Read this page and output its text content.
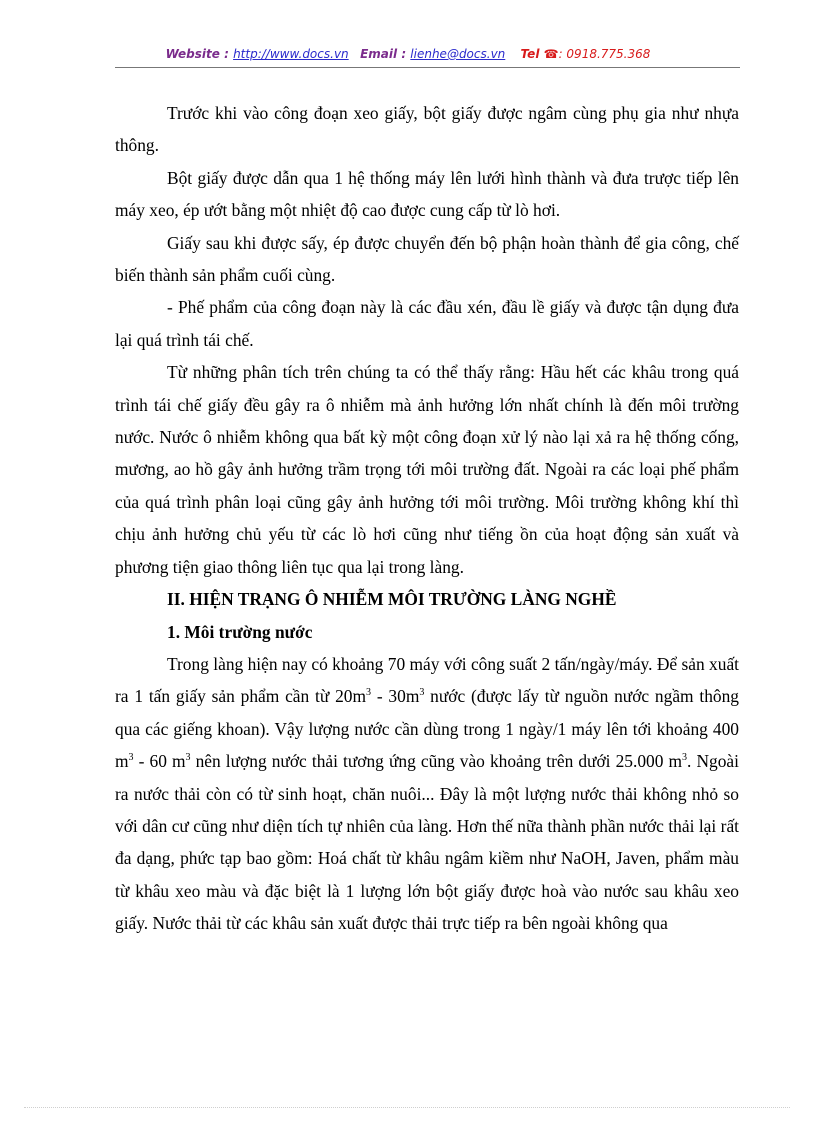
Website : http://www.docs.vn Email : lienhe@docs.vn Tel ☎: 0918.775.368

Trước khi vào công đoạn xeo giấy, bột giấy được ngâm cùng phụ gia như nhựa thông.

Bột giấy được dẫn qua 1 hệ thống máy lên lưới hình thành và đưa trược tiếp lên máy xeo, ép ướt bằng một nhiệt độ cao được cung cấp từ lò hơi.

Giấy sau khi được sấy, ép được chuyển đến bộ phận hoàn thành để gia công, chế biến thành sản phẩm cuối cùng.

- Phế phẩm của công đoạn này là các đầu xén, đầu lề giấy và được tận dụng đưa lại quá trình tái chế.

Từ những phân tích trên chúng ta có thể thấy rằng: Hầu hết các khâu trong quá trình tái chế giấy đều gây ra ô nhiễm mà ảnh hưởng lớn nhất chính là đến môi trường nước. Nước ô nhiễm không qua bất kỳ một công đoạn xử lý nào lại xả ra hệ thống cống, mương, ao hồ gây ảnh hưởng trầm trọng tới môi trường đất. Ngoài ra các loại phế phẩm của quá trình phân loại cũng gây ảnh hưởng tới môi trường. Môi trường không khí thì chịu ảnh hưởng chủ yếu từ các lò hơi cũng như tiếng ồn của hoạt động sản xuất và phương tiện giao thông liên tục qua lại trong làng.

II. HIỆN TRẠNG Ô NHIỄM MÔI TRƯỜNG LÀNG NGHỀ

1. Môi trường nước

Trong làng hiện nay có khoảng 70 máy với công suất 2 tấn/ngày/máy. Để sản xuất ra 1 tấn giấy sản phẩm cần từ $20m^3 - 30m^3$ nước (được lấy từ nguồn nước ngầm thông qua các giếng khoan). Vậy lượng nước cần dùng trong 1 ngày/1 máy lên tới khoảng 400 $m^3 - 60$ $m^3$ nên lượng nước thải tương ứng cũng vào khoảng trên dưới 25.000 $m^3$. Ngoài ra nước thải còn có từ sinh hoạt, chăn nuôi... Đây là một lượng nước thải không nhỏ so với dân cư cũng như diện tích tự nhiên của làng. Hơn thế nữa thành phần nước thải lại rất đa dạng, phức tạp bao gồm: Hoá chất từ khâu ngâm kiềm như NaOH, Javen, phẩm màu từ khâu xeo màu và đặc biệt là 1 lượng lớn bột giấy được hoà vào nước sau khâu xeo giấy. Nước thải từ các khâu sản xuất được thải trực tiếp ra bên ngoài không qua
